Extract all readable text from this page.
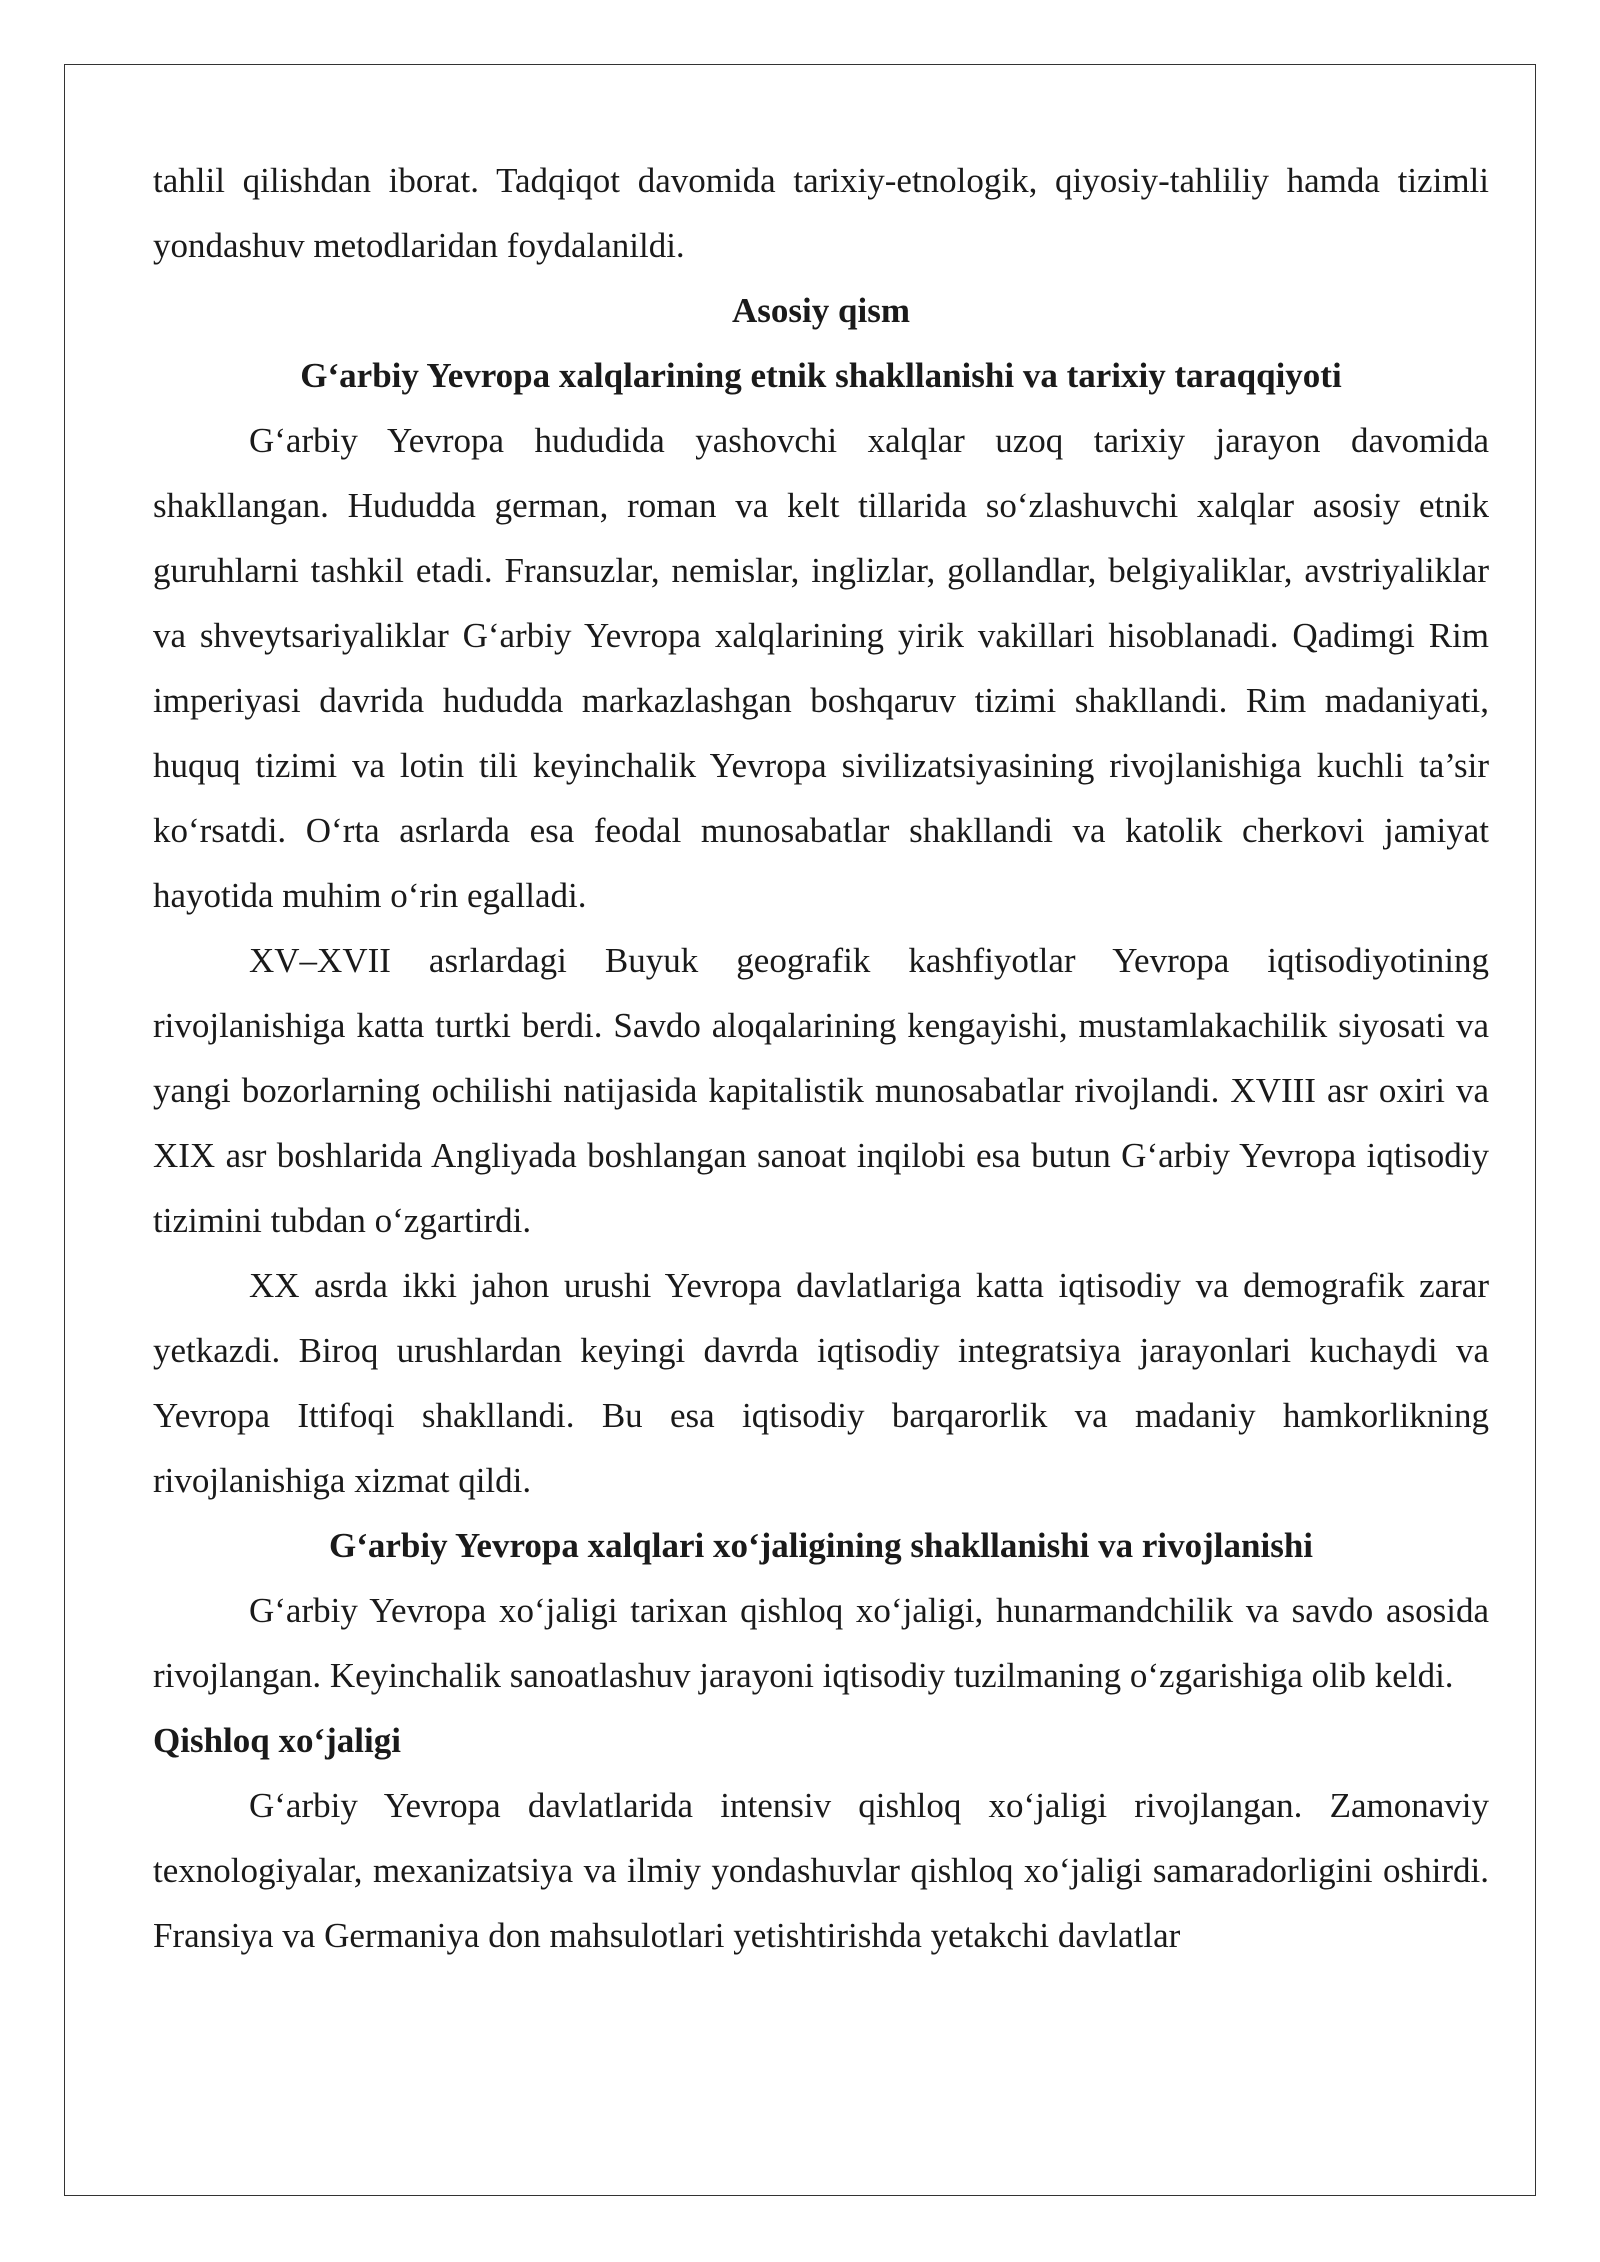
tahlil qilishdan iborat. Tadqiqot davomida tarixiy-etnologik, qiyosiy-tahliliy hamda tizimli yondashuv metodlaridan foydalanildi.

Asosiy qism
G‘arbiy Yevropa xalqlarining etnik shakllanishi va tarixiy taraqqiyoti

G‘arbiy Yevropa hududida yashovchi xalqlar uzoq tarixiy jarayon davomida shakllangan. Hududda german, roman va kelt tillarida so‘zlashuvchi xalqlar asosiy etnik guruhlarni tashkil etadi. Fransuzlar, nemislar, inglizlar, gollandlar, belgiyaliklar, avstriyaliklar va shveytsariyaliklar G‘arbiy Yevropa xalqlarining yirik vakillari hisoblanadi. Qadimgi Rim imperiyasi davrida hududda markazlashgan boshqaruv tizimi shakllandi. Rim madaniyati, huquq tizimi va lotin tili keyinchalik Yevropa sivilizatsiyasining rivojlanishiga kuchli ta’sir ko‘rsatdi. O‘rta asrlarda esa feodal munosabatlar shakllandi va katolik cherkovi jamiyat hayotida muhim o‘rin egalladi.

XV–XVII asrlardagi Buyuk geografik kashfiyotlar Yevropa iqtisodiyotining rivojlanishiga katta turtki berdi. Savdo aloqalarining kengayishi, mustamlakachilik siyosati va yangi bozorlarning ochilishi natijasida kapitalistik munosabatlar rivojlandi. XVIII asr oxiri va XIX asr boshlarida Angliyada boshlangan sanoat inqilobi esa butun G‘arbiy Yevropa iqtisodiy tizimini tubdan o‘zgartirdi.

XX asrda ikki jahon urushi Yevropa davlatlariga katta iqtisodiy va demografik zarar yetkazdi. Biroq urushlardan keyingi davrda iqtisodiy integratsiya jarayonlari kuchaydi va Yevropa Ittifoqi shakllandi. Bu esa iqtisodiy barqarorlik va madaniy hamkorlikning rivojlanishiga xizmat qildi.

G‘arbiy Yevropa xalqlari xo‘jaligining shakllanishi va rivojlanishi

G‘arbiy Yevropa xo‘jaligi tarixan qishloq xo‘jaligi, hunarmandchilik va savdo asosida rivojlangan. Keyinchalik sanoatlashuv jarayoni iqtisodiy tuzilmaning o‘zgarishiga olib keldi.

Qishloq xo‘jaligi

G‘arbiy Yevropa davlatlarida intensiv qishloq xo‘jaligi rivojlangan. Zamonaviy texnologiyalar, mexanizatsiya va ilmiy yondashuvlar qishloq xo‘jaligi samaradorligini oshirdi. Fransiya va Germaniya don mahsulotlari yetishtirishda yetakchi davlatlar
